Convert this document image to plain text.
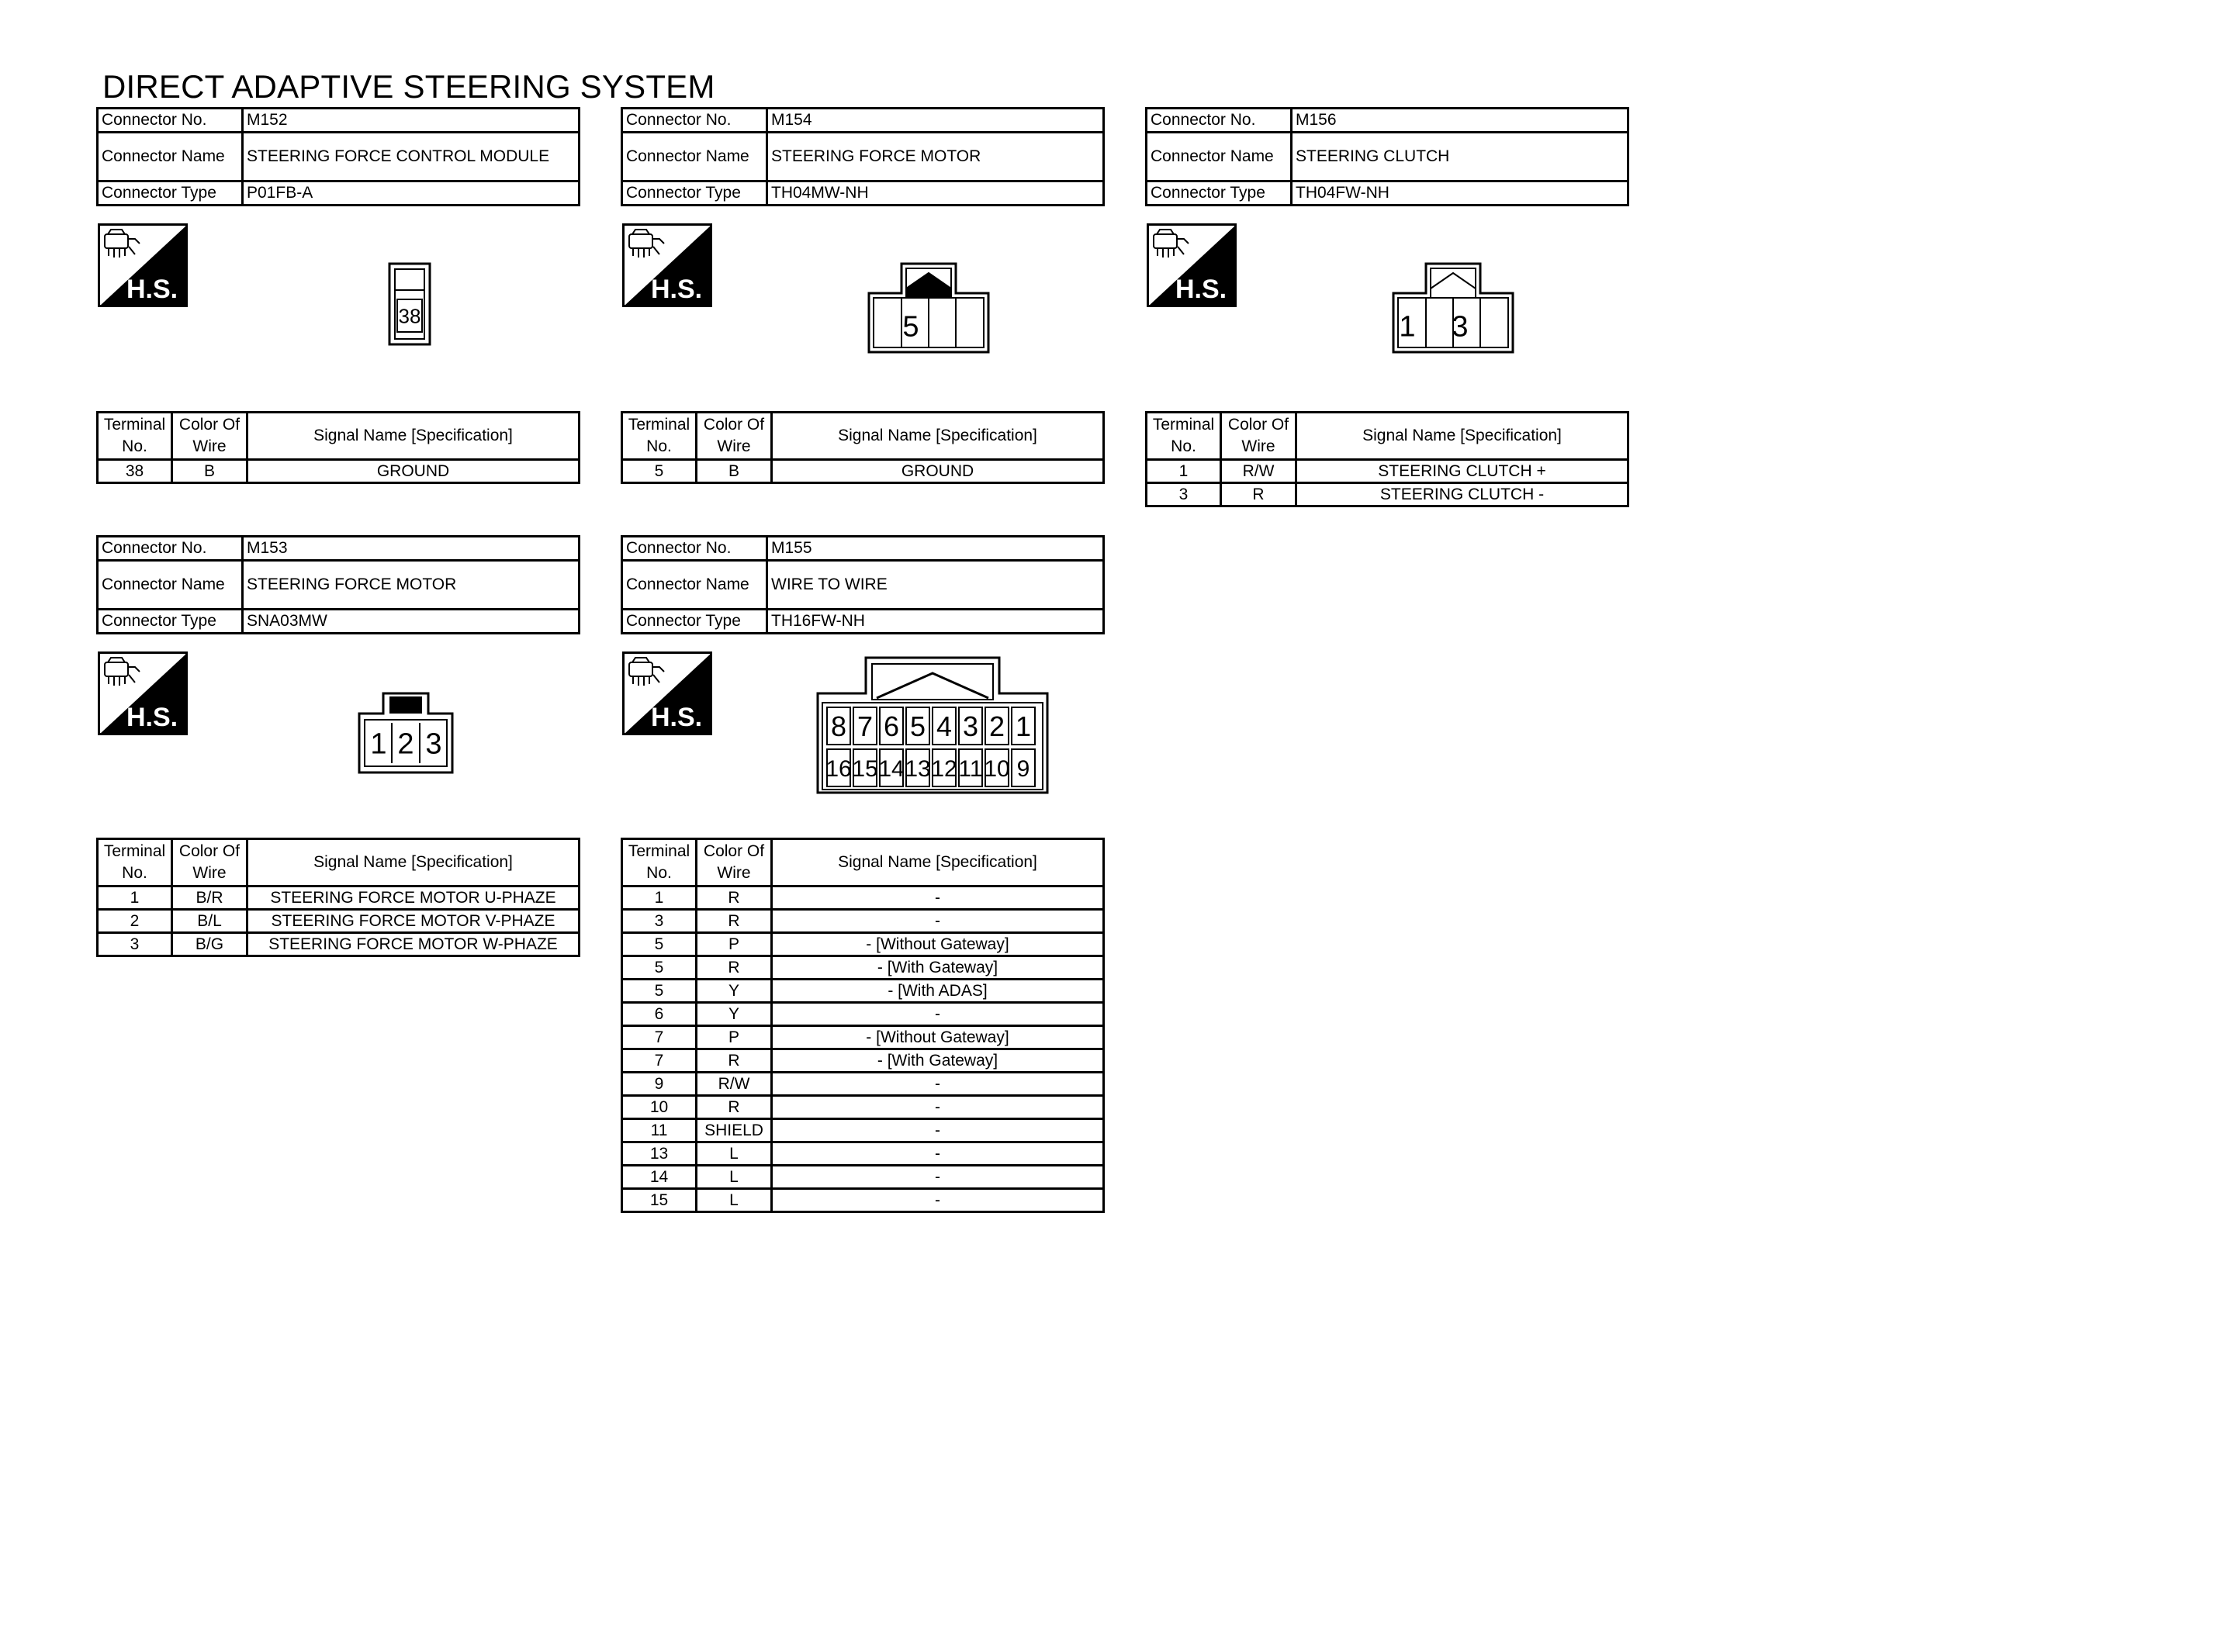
DIRECT ADAPTIVE STEERING SYSTEM
Connector No.	M152
Connector Name	STEERING FORCE CONTROL MODULE
Connector Type	P01FB-A
H.S.
38
Terminal No.	Color Of Wire	Signal Name [Specification]
38	B	GROUND
Connector No.	M154
Connector Name	STEERING FORCE MOTOR
Connector Type	TH04MW-NH
H.S.
5
Terminal No.	Color Of Wire	Signal Name [Specification]
5	B	GROUND
Connector No.	M156
Connector Name	STEERING CLUTCH
Connector Type	TH04FW-NH
H.S.
1 3
Terminal No.	Color Of Wire	Signal Name [Specification]
1	R/W	STEERING CLUTCH +
3	R	STEERING CLUTCH -
Connector No.	M153
Connector Name	STEERING FORCE MOTOR
Connector Type	SNA03MW
H.S.
1 2 3
Terminal No.	Color Of Wire	Signal Name [Specification]
1	B/R	STEERING FORCE MOTOR U-PHAZE
2	B/L	STEERING FORCE MOTOR V-PHAZE
3	B/G	STEERING FORCE MOTOR W-PHAZE
Connector No.	M155
Connector Name	WIRE TO WIRE
Connector Type	TH16FW-NH
H.S.	8
16
7
15
6
14
5
13
4
12
3
11
2
10
1
9
Terminal No.	Color Of Wire	Signal Name [Specification]
1	R	-
3	R	-
5	P	- [Without Gateway]
5	R	- [With Gateway]
5	Y	- [With ADAS]
6	Y	-
7	P	- [Without Gateway]
7	R	- [With Gateway]
9	R/W	-
10	R	-
11	SHIELD	-
13	L	-
14	L	-
15	L	-
